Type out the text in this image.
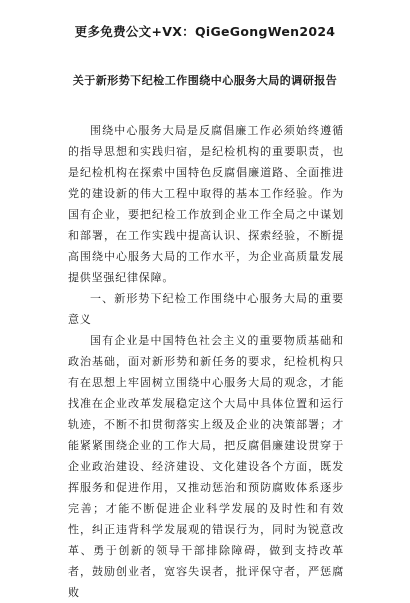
更多免费公文+VX：QiGeGongWen2024
关于新形势下纪检工作围绕中心服务大局的调研报告

围绕中心服务大局是反腐倡廉工作必须始终遵循的指导思想和实践归宿，是纪检机构的重要职责，也是纪检机构在探索中国特色反腐倡廉道路、全面推进党的建设新的伟大工程中取得的基本工作经验。作为国有企业，要把纪检工作放到企业工作全局之中谋划和部署，在工作实践中提高认识、探索经验，不断提高围绕中心服务大局的工作水平，为企业高质量发展提供坚强纪律保障。

一、新形势下纪检工作围绕中心服务大局的重要意义

国有企业是中国特色社会主义的重要物质基础和政治基础，面对新形势和新任务的要求，纪检机构只有在思想上牢固树立围绕中心服务大局的观念，才能找准在企业改革发展稳定这个大局中具体位置和运行轨迹，不断不扣贯彻落实上级及企业的决策部署；才能紧紧围绕企业的工作大局，把反腐倡廉建设贯穿于企业政治建设、经济建设、文化建设各个方面，既发挥服务和促进作用，又推动惩治和预防腐败体系逐步完善；才能不断促进企业科学发展的及时性和有效性，纠正违背科学发展观的错误行为，同时为锐意改革、勇于创新的领导干部排除障碍，做到支持改革者，鼓励创业者，宽容失误者，批评保守者，严惩腐败
